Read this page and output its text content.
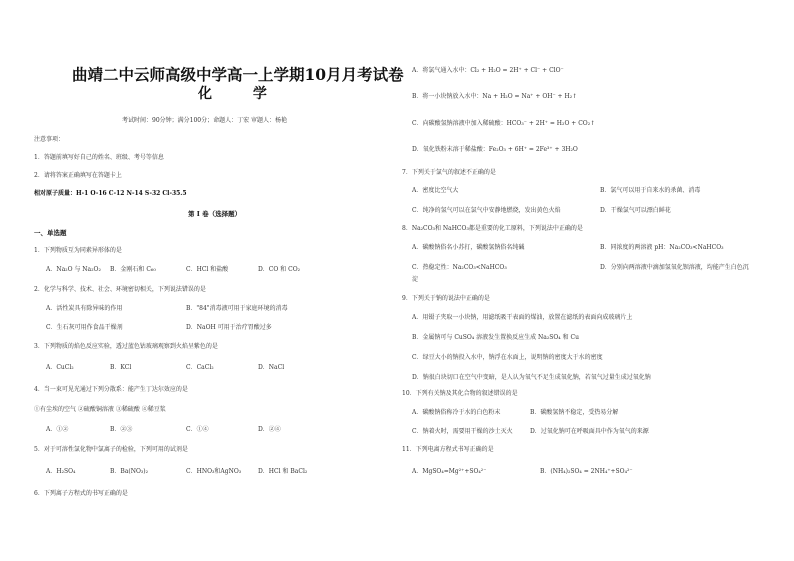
曲靖二中云师高级中学高一上学期10月月考试卷
化 学
考试时间：90分钟；满分100分；命题人：丁宏 审题人：杨艳
注意事项：
1．答题前填写好自己的姓名、班级、考号等信息
2．请将答案正确填写在答题卡上
相对原子质量：H-1 O-16 C-12 N-14 S-32 Cl-35.5
第 I 卷（选择题）
一、单选题
1．下列物质互为同素异形体的是
A．Na₂O 与 Na₂O₂ B．金刚石和 C₆₀	C．HCl 和盐酸	D．CO 和 CO₂
2．化学与科学、技术、社会、环境密切相关，下列说法错误的是
A．活性炭具有除异味的作用	B．"84"消毒液可用于家庭环境的消毒
C．生石灰可用作食品干燥剂	D．NaOH 可用于治疗胃酸过多
3．下列物质的焰色反应实验，透过蓝色钴玻璃观察到火焰呈紫色的是
A．CuCl₂	B．KCl	C．CaCl₂	D．NaCl
4．当一束可见光通过下列分散系：能产生丁达尔效应的是
①有尘埃的空气 ②硫酸铜溶液 ③稀硫酸 ④稀豆浆
A．①②	B．②③	C．①④	D．②④
5．对于可溶性氯化物中氯离子的检验，下列可用的试剂是
A．H₂SO₄	B．Ba(NO₃)₂	C．HNO₃和AgNO₃	D．HCl 和 BaCl₂
6．下列离子方程式的书写正确的是
A．将氯气通入水中：Cl₂ + H₂O = 2H⁺ + Cl⁻ + ClO⁻
B．将一小块钠放入水中：Na + H₂O = Na⁺ + OH⁻ + H₂↑
C．向碳酸氢钠溶液中加入稀硫酸：HCO₃⁻ + 2H⁺ = H₂O + CO₂↑
D．氧化铁粉末溶于稀盐酸：Fe₂O₃ + 6H⁺ = 2Fe³⁺ + 3H₂O
7．下列关于氯气的叙述不正确的是
A．密度比空气大	B．氯气可以用于自来水的杀菌、消毒
C．纯净的氢气可以在氯气中安静地燃烧，发出黄色火焰	D．干燥氯气可以漂白鲜花
8．Na₂CO₃和 NaHCO₃都是重要的化工原料，下列说法中正确的是
A．碳酸钠俗名小苏打，碳酸氢钠俗名纯碱	B．同浓度的两溶液 pH：Na₂CO₃<NaHCO₃
C．热稳定性：Na₂CO₃<NaHCO₃	D．分别向两溶液中滴加氢氧化钡溶液，均能产生白色沉
淀
9．下列关于钠的说法中正确的是
A．用镊子夹取一小块钠，用滤纸吸干表面的煤油，放置在滤纸的表面向成玻璃片上
B．金属钠可与 CuSO₄ 溶液发生置换反应生成 Na₂SO₄ 和 Cu
C．绿豆大小的钠投入水中，钠浮在水面上，说明钠的密度大于水的密度
D．钠很白块切口在空气中变暗，是人认为氧气不足生成氧化钠，若氧气过量生成过氧化钠
10．下列有关钠及其化合物的叙述错误的是
A．碳酸钠俗称冷于水的白色粉末	B．碳酸氢钠不稳定，受热易分解
C．钠着火时，需要用干燥的沙土灭火	D．过氧化钠可在呼吸面具中作为氧气的来源
11．下列电离方程式书写正确的是
A．MgSO₄=Mg²⁺+SO₄²⁻	B．(NH₄)₂SO₄ = 2NH₄⁺+SO₄²⁻
